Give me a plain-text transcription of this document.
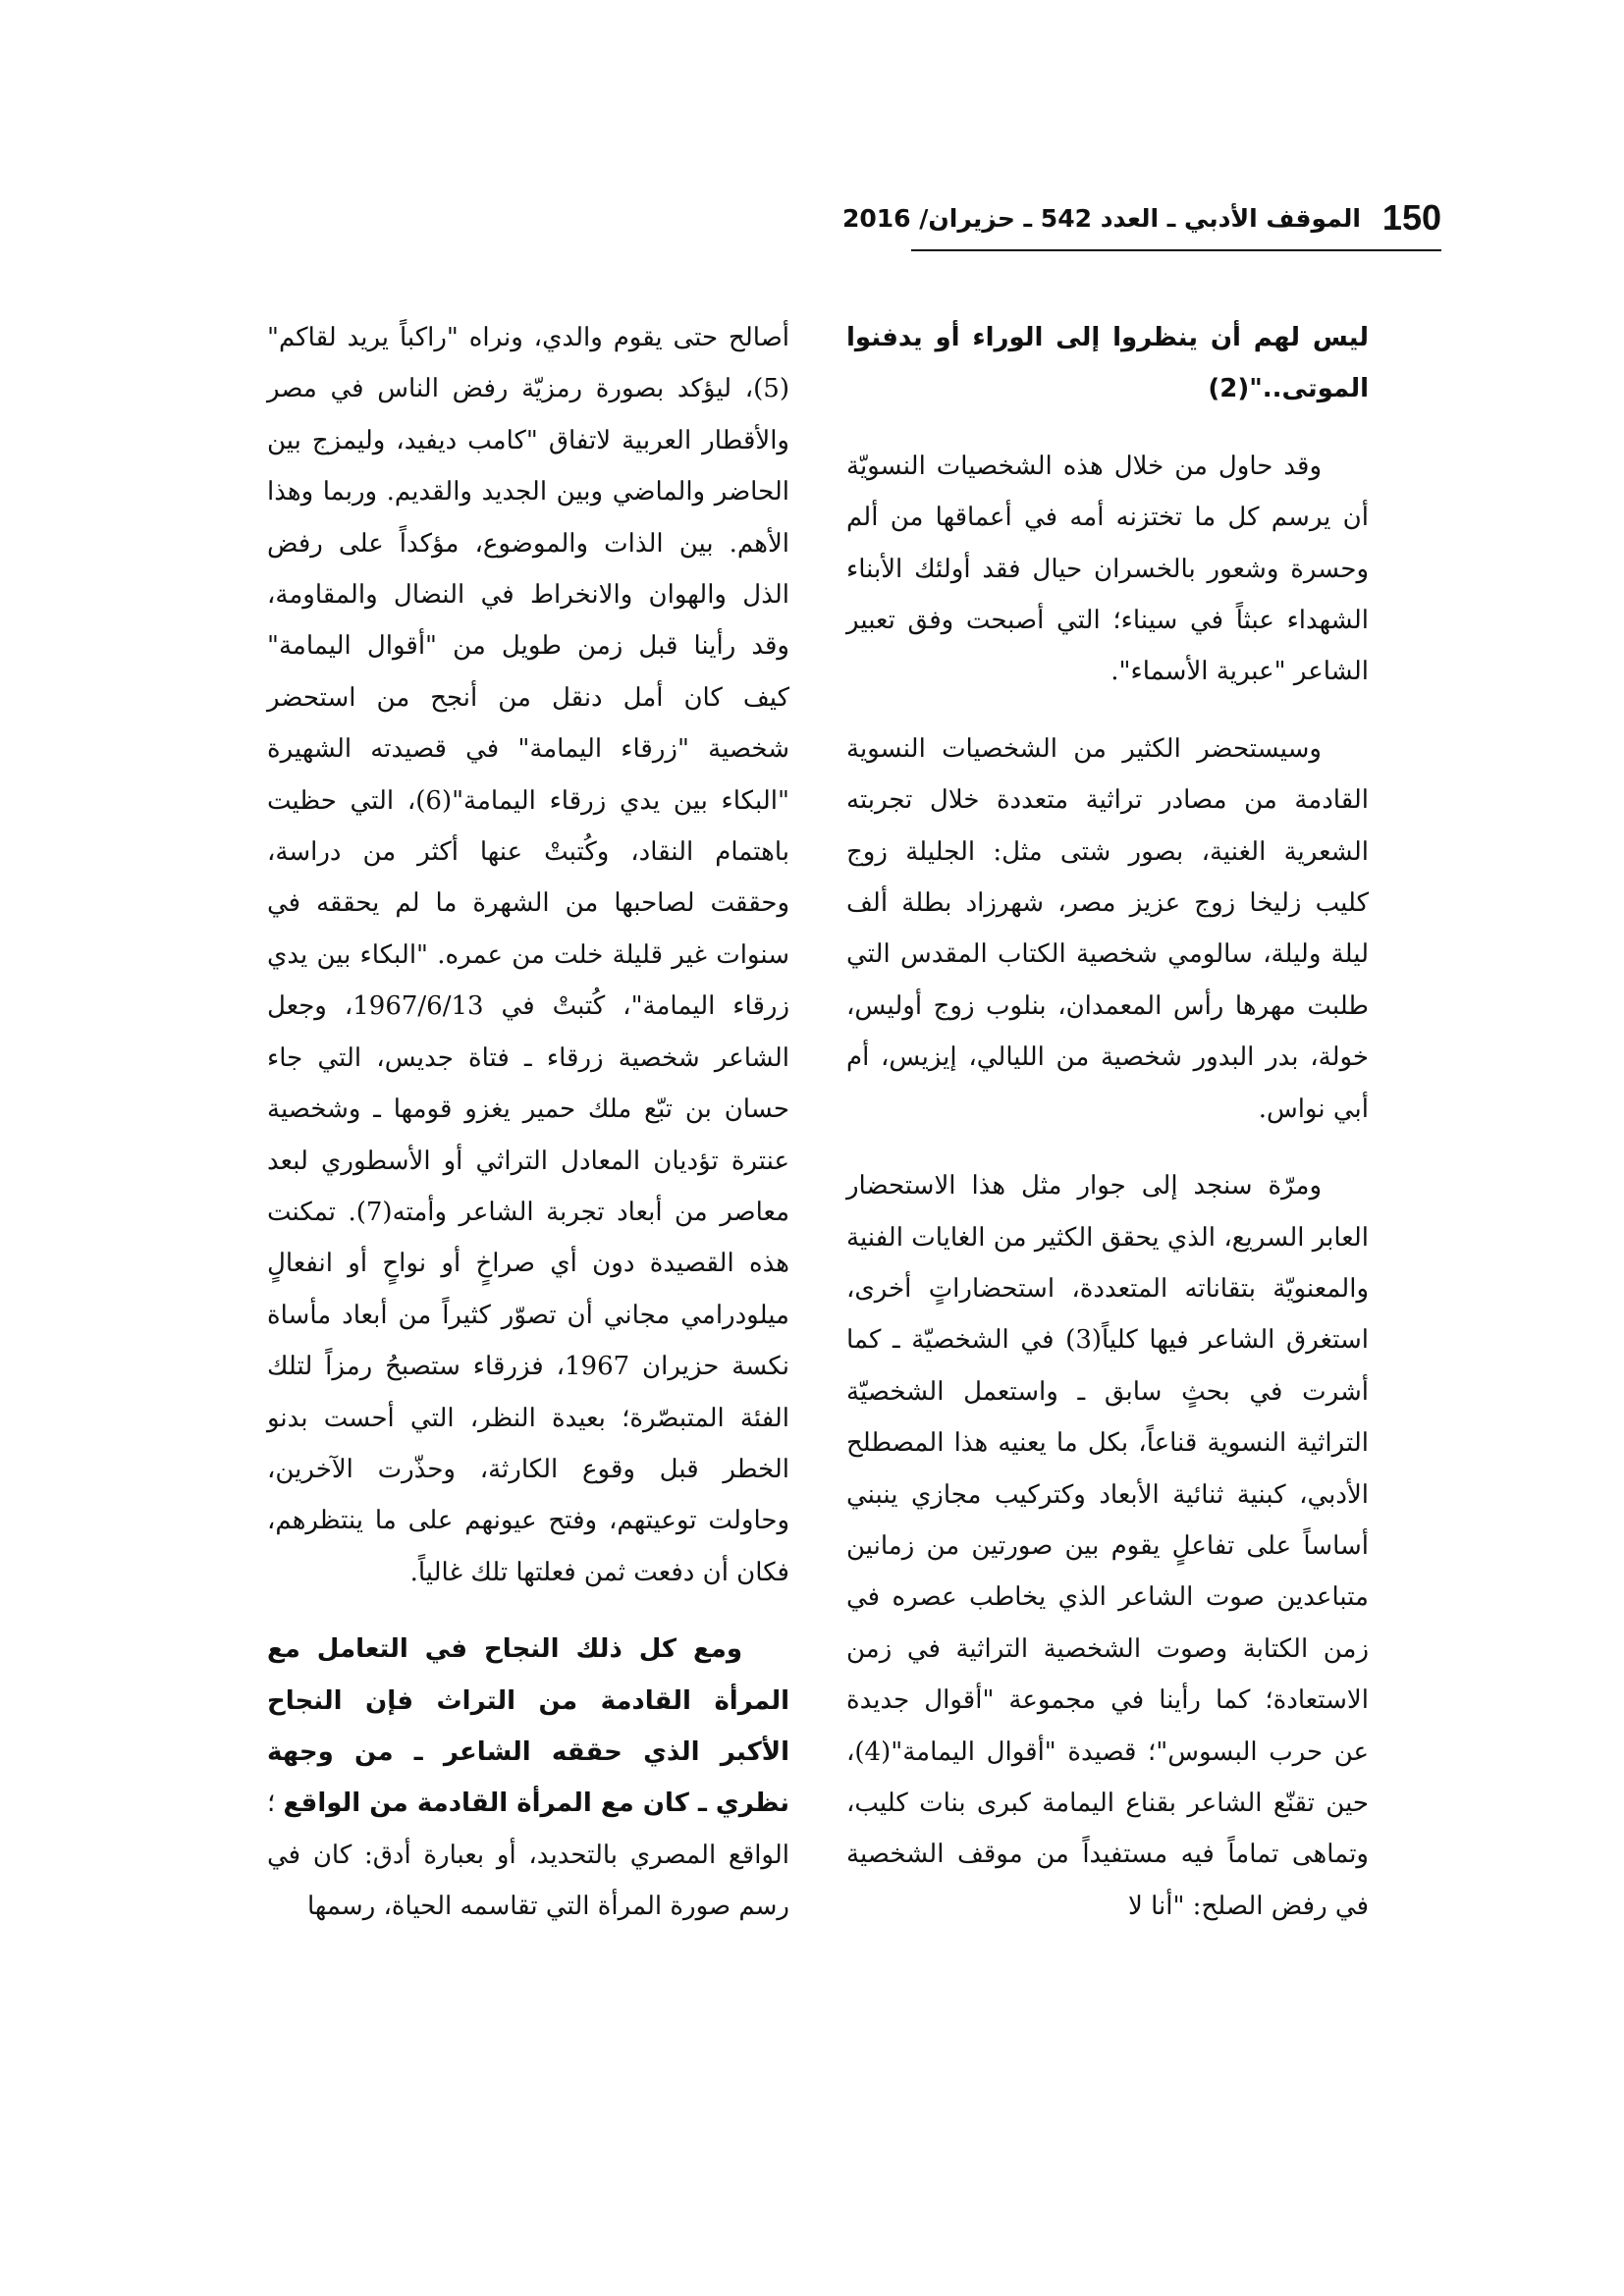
الموقف الأدبي ـ العدد 542 ـ حزيران/ 2016 150

ليس لهم أن ينظروا إلى الوراء أو يدفنوا الموتى.."(2)

وقد حاول من خلال هذه الشخصيات النسويّة أن يرسم كل ما تختزنه أمه في أعماقها من ألم وحسرة وشعور بالخسران حيال فقد أولئك الأبناء الشهداء عبثاً في سيناء؛ التي أصبحت وفق تعبير الشاعر "عبرية الأسماء".

وسيستحضر الكثير من الشخصيات النسوية القادمة من مصادر تراثية متعددة خلال تجربته الشعرية الغنية، بصور شتى مثل: الجليلة زوج كليب زليخا زوج عزيز مصر، شهرزاد بطلة ألف ليلة وليلة، سالومي شخصية الكتاب المقدس التي طلبت مهرها رأس المعمدان، بنلوب زوج أوليس، خولة، بدر البدور شخصية من الليالي، إيزيس، أم أبي نواس.

ومرّة سنجد إلى جوار مثل هذا الاستحضار العابر السريع، الذي يحقق الكثير من الغايات الفنية والمعنويّة بتقاناته المتعددة، استحضاراتٍ أخرى، استغرق الشاعر فيها كلياً(3) في الشخصيّة ـ كما أشرت في بحثٍ سابق ـ واستعمل الشخصيّة التراثية النسوية قناعاً، بكل ما يعنيه هذا المصطلح الأدبي، كبنية ثنائية الأبعاد وكتركيب مجازي ينبني أساساً على تفاعلٍ يقوم بين صورتين من زمانين متباعدين صوت الشاعر الذي يخاطب عصره في زمن الكتابة وصوت الشخصية التراثية في زمن الاستعادة؛ كما رأينا في مجموعة "أقوال جديدة عن حرب البسوس"؛ قصيدة "أقوال اليمامة"(4)، حين تقنّع الشاعر بقناع اليمامة كبرى بنات كليب، وتماهى تماماً فيه مستفيداً من موقف الشخصية في رفض الصلح: "أنا لا

أصالح حتى يقوم والدي، ونراه "راكباً يريد لقاكم"(5)، ليؤكد بصورة رمزيّة رفض الناس في مصر والأقطار العربية لاتفاق "كامب ديفيد، وليمزج بين الحاضر والماضي وبين الجديد والقديم. وربما وهذا الأهم. بين الذات والموضوع، مؤكداً على رفض الذل والهوان والانخراط في النضال والمقاومة، وقد رأينا قبل زمن طويل من "أقوال اليمامة" كيف كان أمل دنقل من أنجح من استحضر شخصية "زرقاء اليمامة" في قصيدته الشهيرة "البكاء بين يدي زرقاء اليمامة"(6)، التي حظيت باهتمام النقاد، وكُتبتْ عنها أكثر من دراسة، وحققت لصاحبها من الشهرة ما لم يحققه في سنوات غير قليلة خلت من عمره. "البكاء بين يدي زرقاء اليمامة"، كُتبتْ في 1967/6/13، وجعل الشاعر شخصية زرقاء ـ فتاة جديس، التي جاء حسان بن تبّع ملك حمير يغزو قومها ـ وشخصية عنترة تؤديان المعادل التراثي أو الأسطوري لبعد معاصر من أبعاد تجربة الشاعر وأمته(7). تمكنت هذه القصيدة دون أي صراخٍ أو نواحٍ أو انفعالٍ ميلودرامي مجاني أن تصوّر كثيراً من أبعاد مأساة نكسة حزيران 1967، فزرقاء ستصبحُ رمزاً لتلك الفئة المتبصّرة؛ بعيدة النظر، التي أحست بدنو الخطر قبل وقوع الكارثة، وحذّرت الآخرين، وحاولت توعيتهم، وفتح عيونهم على ما ينتظرهم، فكان أن دفعت ثمن فعلتها تلك غالياً.

ومع كل ذلك النجاح في التعامل مع المرأة القادمة من التراث فإن النجاح الأكبر الذي حققه الشاعر ـ من وجهة نظري ـ كان مع المرأة القادمة من الواقع ؛ الواقع المصري بالتحديد، أو بعبارة أدق: كان في رسم صورة المرأة التي تقاسمه الحياة، رسمها
